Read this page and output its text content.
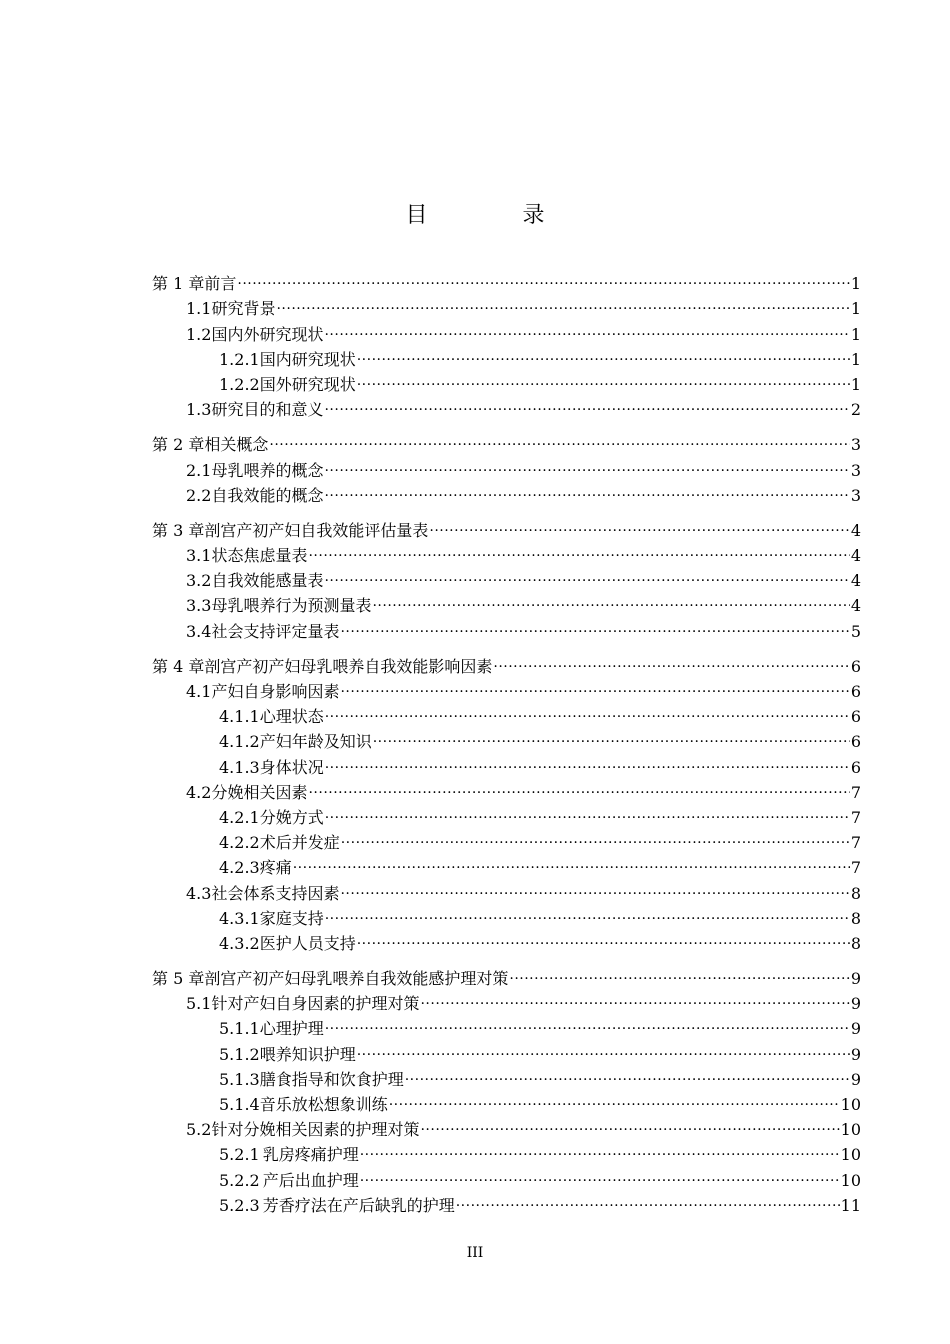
目 录
第 1 章 前言 .....	1
1.1 研究背景 .....	1
1.2 国内外研究现状 .....	1
1.2.1 国内研究现状 .....	1
1.2.2 国外研究现状 .....	1
1.3 研究目的和意义 .....	2
第 2 章 相关概念 .....	3
2.1 母乳喂养的概念 .....	3
2.2 自我效能的概念 .....	3
第 3 章 剖宫产初产妇自我效能评估量表 .....	4
3.1 状态焦虑量表 .....	4
3.2 自我效能感量表 .....	4
3.3 母乳喂养行为预测量表 .....	4
3.4 社会支持评定量表 .....	5
第 4 章 剖宫产初产妇母乳喂养自我效能影响因素 .....	6
4.1 产妇自身影响因素 .....	6
4.1.1 心理状态 .....	6
4.1.2 产妇年龄及知识 .....	6
4.1.3 身体状况 .....	6
4.2 分娩相关因素 .....	7
4.2.1 分娩方式 .....	7
4.2.2 术后并发症 .....	7
4.2.3 疼痛 .....	7
4.3 社会体系支持因素 .....	8
4.3.1 家庭支持 .....	8
4.3.2 医护人员支持 .....	8
第 5 章 剖宫产初产妇母乳喂养自我效能感护理对策 .....	9
5.1 针对产妇自身因素的护理对策 .....	9
5.1.1 心理护理 .....	9
5.1.2 喂养知识护理 .....	9
5.1.3 膳食指导和饮食护理 .....	9
5.1.4 音乐放松想象训练 .....	10
5.2 针对分娩相关因素的护理对策 .....	10
5.2.1 乳房疼痛护理 .....	10
5.2.2 产后出血护理 .....	10
5.2.3 芳香疗法在产后缺乳的护理 .....	11
III
